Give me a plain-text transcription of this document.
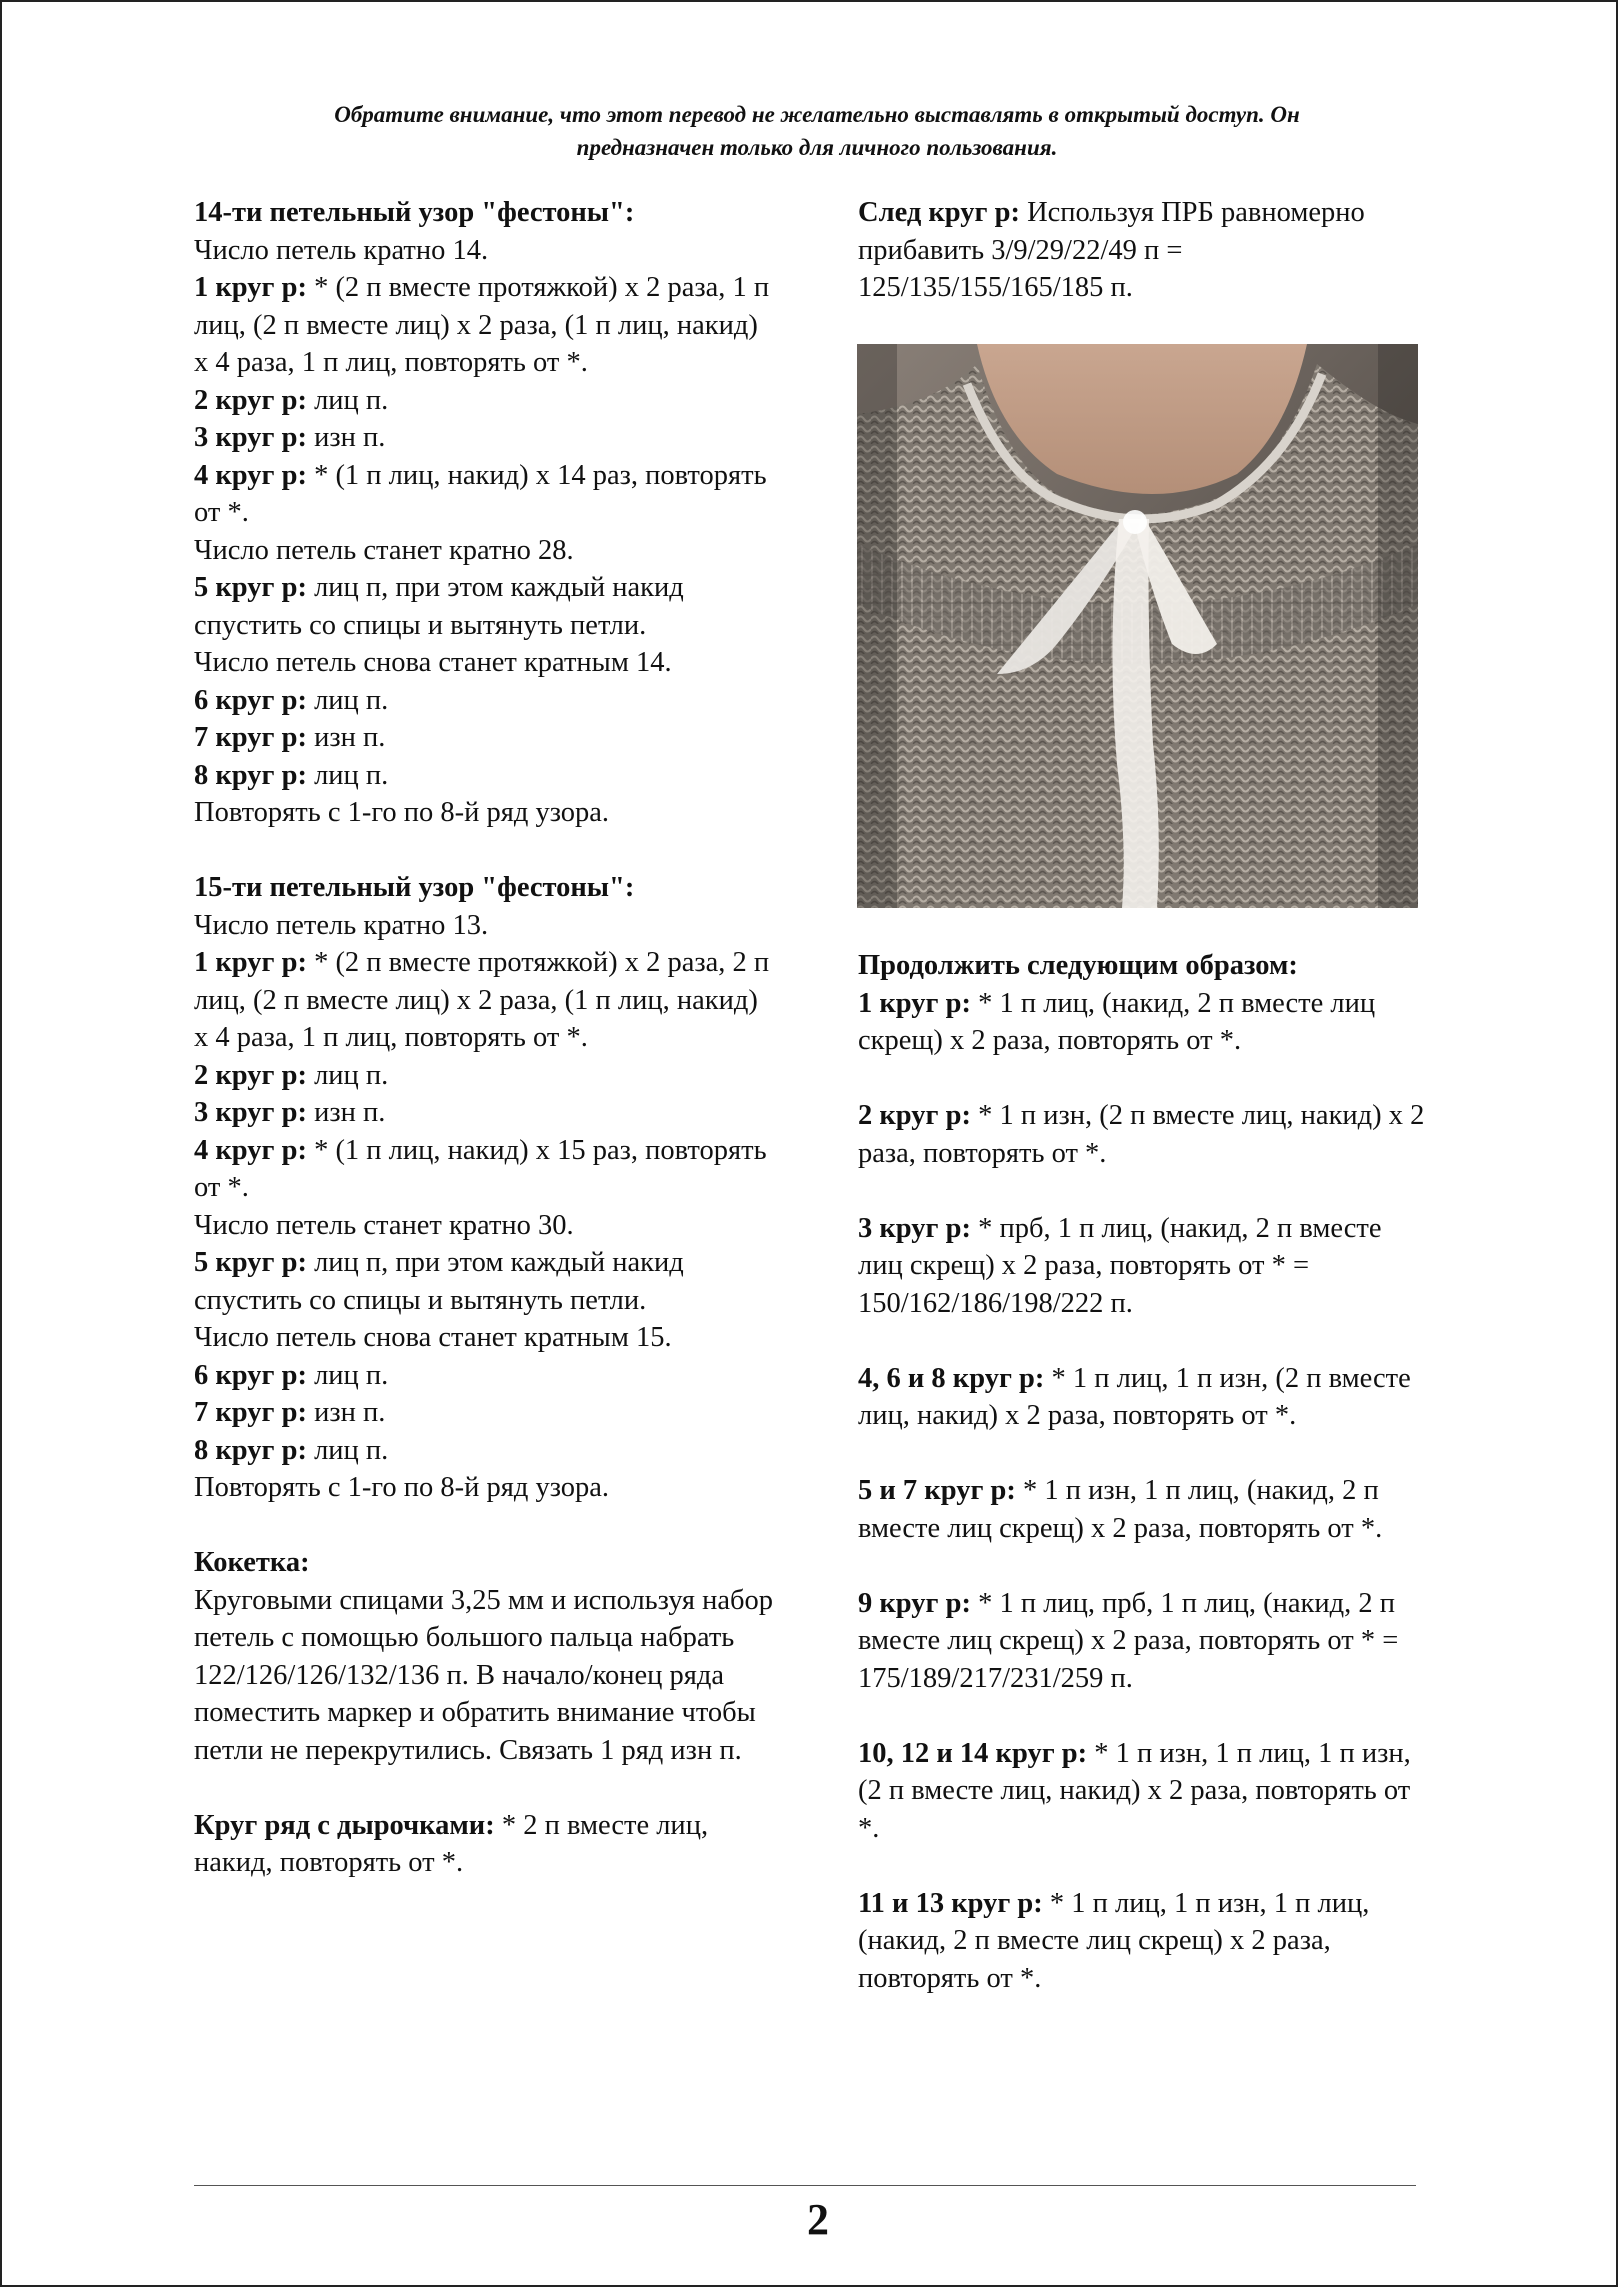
Обратите внимание, что этот перевод не желательно выставлять в открытый доступ. Он
предназначен только для личного пользования.

14-ти петельный узор "фестоны":

Число петель кратно 14.

1 круг р: * (2 п вместе протяжкой) х 2 раза, 1 п лиц, (2 п вместе лиц) х 2 раза, (1 п лиц, накид) х 4 раза, 1 п лиц, повторять от *.

2 круг р: лиц п.

3 круг р: изн п.

4 круг р: * (1 п лиц, накид) х 14 раз, повторять от *.

Число петель станет кратно 28.

5 круг р: лиц п, при этом каждый накид спустить со спицы и вытянуть петли.

Число петель снова станет кратным 14.

6 круг р: лиц п.

7 круг р: изн п.

8 круг р: лиц п.

Повторять с 1-го по 8-й ряд узора.

15-ти петельный узор "фестоны":

Число петель кратно 13.

1 круг р: * (2 п вместе протяжкой) х 2 раза, 2 п лиц, (2 п вместе лиц) х 2 раза, (1 п лиц, накид) х 4 раза, 1 п лиц, повторять от *.

2 круг р: лиц п.

3 круг р: изн п.

4 круг р: * (1 п лиц, накид) х 15 раз, повторять от *.

Число петель станет кратно 30.

5 круг р: лиц п, при этом каждый накид спустить со спицы и вытянуть петли.

Число петель снова станет кратным 15.

6 круг р: лиц п.

7 круг р: изн п.

8 круг р: лиц п.

Повторять с 1-го по 8-й ряд узора.

Кокетка:

Круговыми спицами 3,25 мм и используя набор петель с помощью большого пальца набрать 122/126/126/132/136 п. В начало/конец ряда поместить маркер и обратить внимание чтобы петли не перекрутились. Связать 1 ряд изн п.

Круг ряд с дырочками: * 2 п вместе лиц, накид, повторять от *.

След круг р: Используя ПРБ равномерно прибавить 3/9/29/22/49 п = 125/135/155/165/185 п.

Продолжить следующим образом:

1 круг р: * 1 п лиц, (накид, 2 п вместе лиц скрещ) х 2 раза, повторять от *.

2 круг р: * 1 п изн, (2 п вместе лиц, накид) х 2 раза, повторять от *.

3 круг р: * прб, 1 п лиц, (накид, 2 п вместе лиц скрещ) х 2 раза, повторять от * = 150/162/186/198/222 п.

4, 6 и 8 круг р: * 1 п лиц, 1 п изн, (2 п вместе лиц, накид) х 2 раза, повторять от *.

5 и 7 круг р: * 1 п изн, 1 п лиц, (накид, 2 п вместе лиц скрещ) х 2 раза, повторять от *.

9 круг р: * 1 п лиц, прб, 1 п лиц, (накид, 2 п вместе лиц скрещ) х 2 раза, повторять от * = 175/189/217/231/259 п.

10, 12 и 14 круг р: * 1 п изн, 1 п лиц, 1 п изн, (2 п вместе лиц, накид) х 2 раза, повторять от *.

11 и 13 круг р: * 1 п лиц, 1 п изн, 1 п лиц, (накид, 2 п вместе лиц скрещ) х 2 раза, повторять от *.

2
